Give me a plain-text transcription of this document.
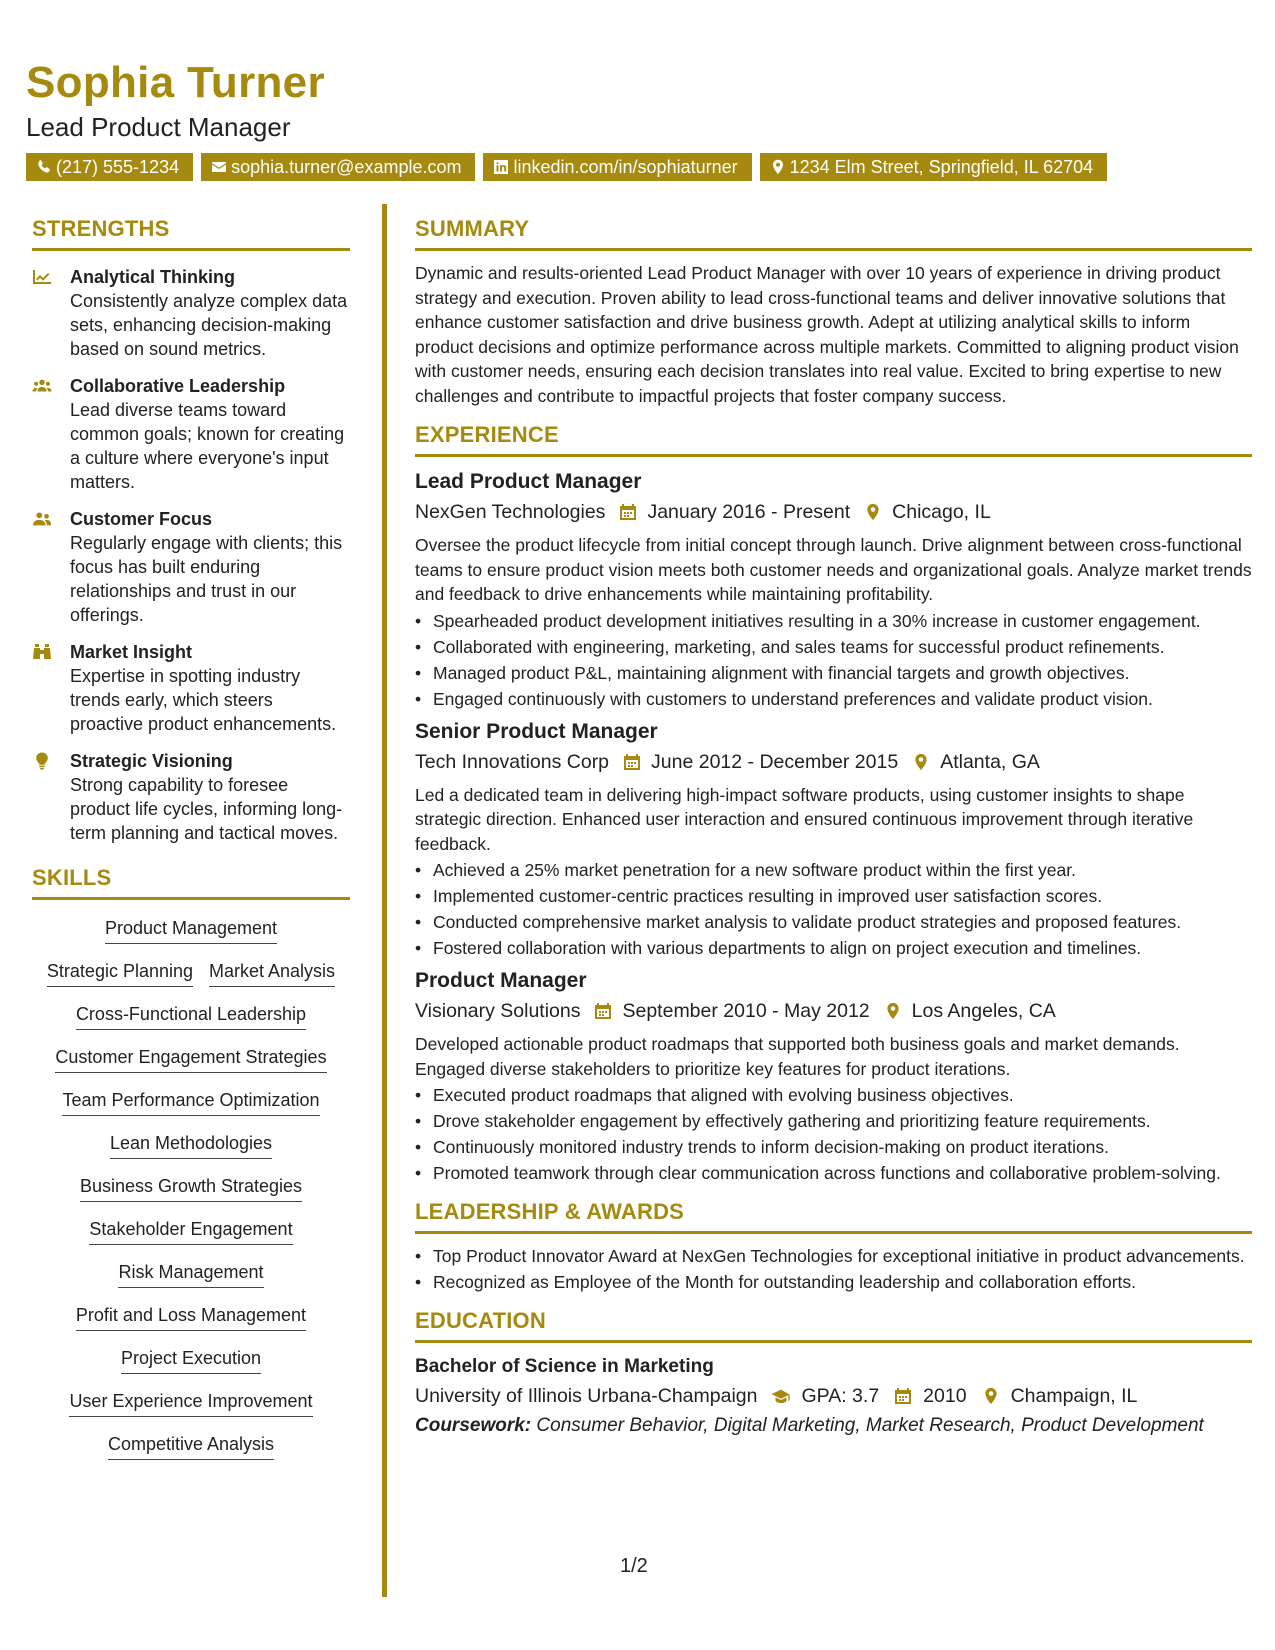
Sophia Turner
Lead Product Manager
(217) 555-1234	sophia.turner@example.com	linkedin.com/in/sophiaturner	1234 Elm Street, Springfield, IL 62704
STRENGTHS
Analytical Thinking
Consistently analyze complex data sets, enhancing decision-making based on sound metrics.
Collaborative Leadership
Lead diverse teams toward common goals; known for creating a culture where everyone's input matters.
Customer Focus
Regularly engage with clients; this focus has built enduring relationships and trust in our offerings.
Market Insight
Expertise in spotting industry trends early, which steers proactive product enhancements.
Strategic Visioning
Strong capability to foresee product life cycles, informing long-term planning and tactical moves.
SKILLS
Product Management
Strategic Planning Market Analysis
Cross-Functional Leadership
Customer Engagement Strategies
Team Performance Optimization
Lean Methodologies
Business Growth Strategies
Stakeholder Engagement
Risk Management
Profit and Loss Management
Project Execution
User Experience Improvement
Competitive Analysis
SUMMARY
Dynamic and results-oriented Lead Product Manager with over 10 years of experience in driving product strategy and execution. Proven ability to lead cross-functional teams and deliver innovative solutions that enhance customer satisfaction and drive business growth. Adept at utilizing analytical skills to inform product decisions and optimize performance across multiple markets. Committed to aligning product vision with customer needs, ensuring each decision translates into real value. Excited to bring expertise to new challenges and contribute to impactful projects that foster company success.
EXPERIENCE
Lead Product Manager
NexGen Technologies January 2016 - Present Chicago, IL
Oversee the product lifecycle from initial concept through launch. Drive alignment between cross-functional teams to ensure product vision meets both customer needs and organizational goals. Analyze market trends and feedback to drive enhancements while maintaining profitability.
• Spearheaded product development initiatives resulting in a 30% increase in customer engagement.
• Collaborated with engineering, marketing, and sales teams for successful product refinements.
• Managed product P&L, maintaining alignment with financial targets and growth objectives.
• Engaged continuously with customers to understand preferences and validate product vision.
Senior Product Manager
Tech Innovations Corp June 2012 - December 2015 Atlanta, GA
Led a dedicated team in delivering high-impact software products, using customer insights to shape strategic direction. Enhanced user interaction and ensured continuous improvement through iterative feedback.
• Achieved a 25% market penetration for a new software product within the first year.
• Implemented customer-centric practices resulting in improved user satisfaction scores.
• Conducted comprehensive market analysis to validate product strategies and proposed features.
• Fostered collaboration with various departments to align on project execution and timelines.
Product Manager
Visionary Solutions September 2010 - May 2012 Los Angeles, CA
Developed actionable product roadmaps that supported both business goals and market demands. Engaged diverse stakeholders to prioritize key features for product iterations.
• Executed product roadmaps that aligned with evolving business objectives.
• Drove stakeholder engagement by effectively gathering and prioritizing feature requirements.
• Continuously monitored industry trends to inform decision-making on product iterations.
• Promoted teamwork through clear communication across functions and collaborative problem-solving.
LEADERSHIP & AWARDS
• Top Product Innovator Award at NexGen Technologies for exceptional initiative in product advancements.
• Recognized as Employee of the Month for outstanding leadership and collaboration efforts.
EDUCATION
Bachelor of Science in Marketing
University of Illinois Urbana-Champaign GPA: 3.7 2010 Champaign, IL
Coursework: Consumer Behavior, Digital Marketing, Market Research, Product Development
1/2
